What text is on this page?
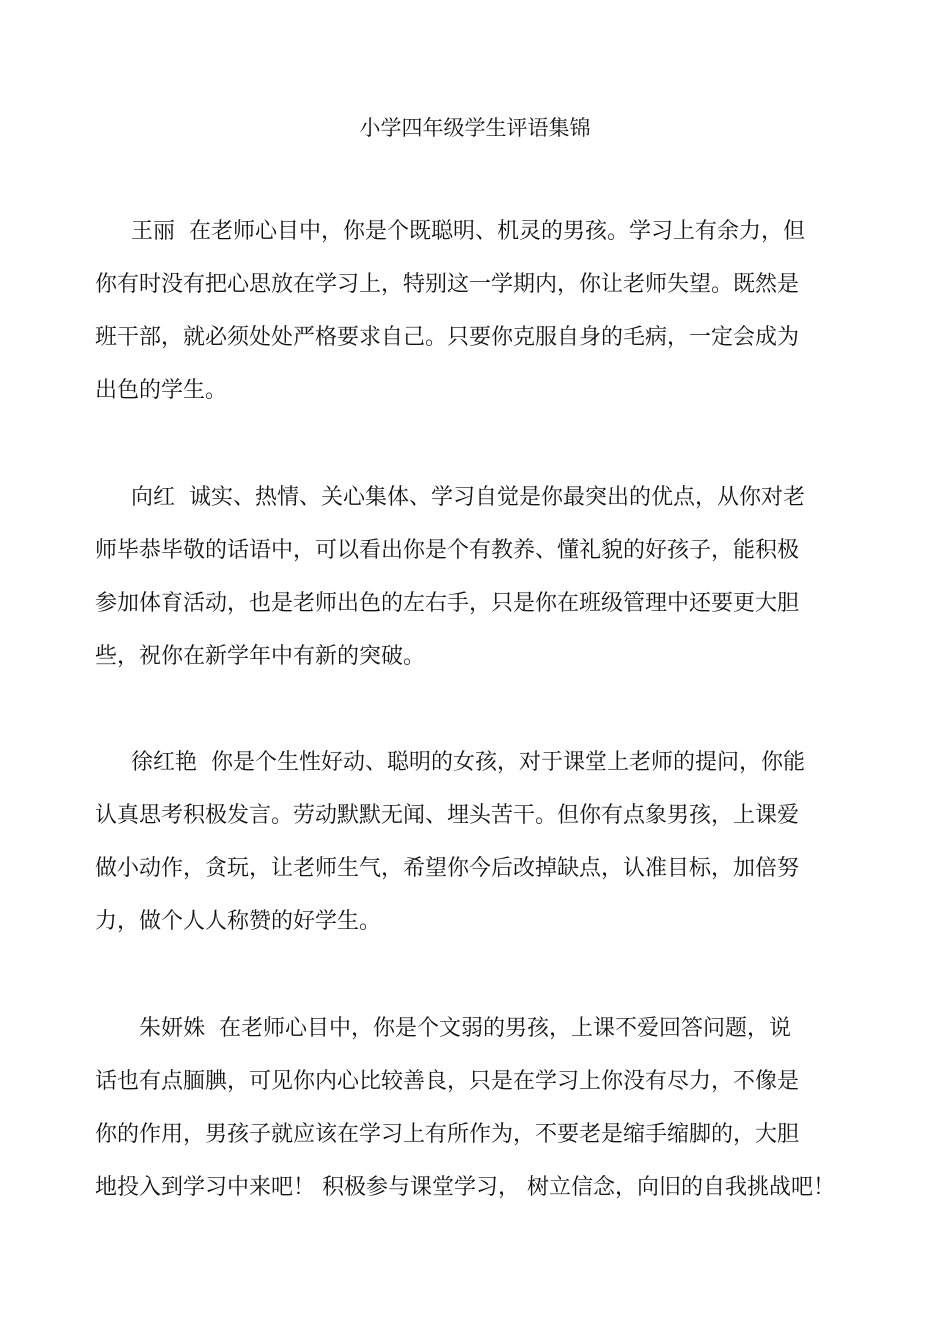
小学四年级学生评语集锦
王丽 在老师心目中，你是个既聪明、机灵的男孩。学习上有余力，但
你有时没有把心思放在学习上，特别这一学期内，你让老师失望。既然是
班干部，就必须处处严格要求自己。只要你克服自身的毛病，一定会成为
出色的学生。
向红 诚实、热情、关心集体、学习自觉是你最突出的优点，从你对老
师毕恭毕敬的话语中，可以看出你是个有教养、懂礼貌的好孩子，能积极
参加体育活动，也是老师出色的左右手，只是你在班级管理中还要更大胆
些，祝你在新学年中有新的突破。
徐红艳 你是个生性好动、聪明的女孩，对于课堂上老师的提问，你能
认真思考积极发言。劳动默默无闻、埋头苦干。但你有点象男孩，上课爱
做小动作，贪玩，让老师生气，希望你今后改掉缺点，认准目标，加倍努
力，做个人人称赞的好学生。
朱妍姝 在老师心目中，你是个文弱的男孩，上课不爱回答问题，说
话也有点腼腆，可见你内心比较善良，只是在学习上你没有尽力，不像是
你的作用，男孩子就应该在学习上有所作为，不要老是缩手缩脚的，大胆
地投入到学习中来吧！ 积极参与课堂学习， 树立信念，向旧的自我挑战吧！
